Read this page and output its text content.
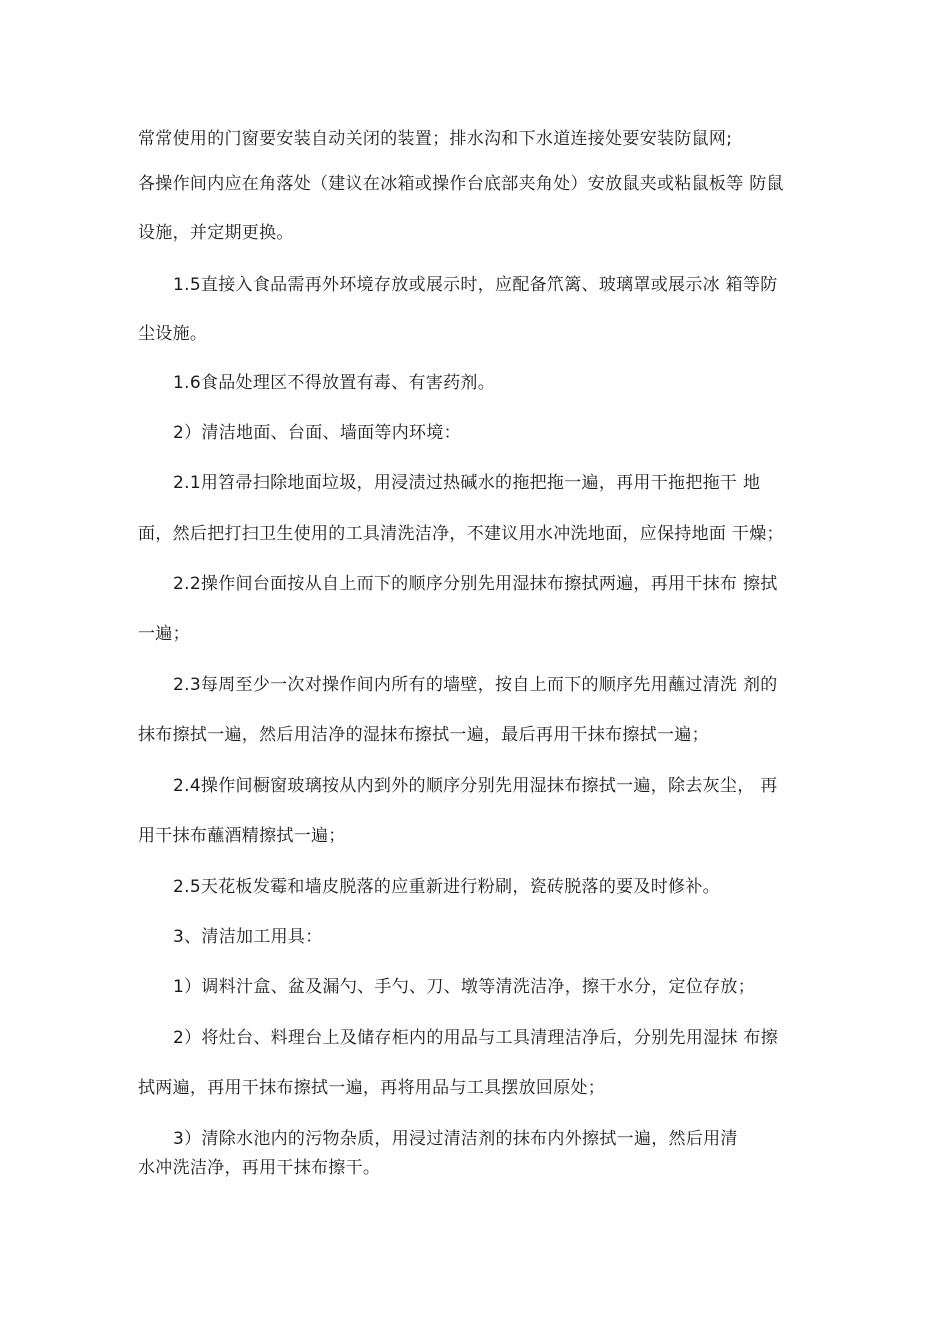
常常使用的门窗要安装自动关闭的装置；排水沟和下水道连接处要安装防鼠网;
各操作间内应在角落处（建议在冰箱或操作台底部夹角处）安放鼠夹或粘鼠板等 防鼠
设施，并定期更换。
1.5直接入食品需再外环境存放或展示时，应配备笊篱、玻璃罩或展示冰 箱等防
尘设施。
1.6食品处理区不得放置有毒、有害药剂。
2）清洁地面、台面、墙面等内环境：
2.1用笤帚扫除地面垃圾，用浸渍过热碱水的拖把拖一遍，再用干拖把拖干 地
面，然后把打扫卫生使用的工具清洗洁净，不建议用水冲洗地面，应保持地面 干燥；
2.2操作间台面按从自上而下的顺序分别先用湿抹布擦拭两遍，再用干抹布 擦拭
一遍；
2.3每周至少一次对操作间内所有的墙壁，按自上而下的顺序先用蘸过清洗 剂的
抹布擦拭一遍，然后用洁净的湿抹布擦拭一遍，最后再用干抹布擦拭一遍；
2.4操作间橱窗玻璃按从内到外的顺序分别先用湿抹布擦拭一遍，除去灰尘， 再
用干抹布蘸酒精擦拭一遍；
2.5天花板发霉和墙皮脱落的应重新进行粉刷，瓷砖脱落的要及时修补。
3、清洁加工用具：
1）调料汁盒、盆及漏勺、手勺、刀、墩等清洗洁净，擦干水分，定位存放；
2）将灶台、料理台上及储存柜内的用品与工具清理洁净后，分别先用湿抹 布擦
拭两遍，再用干抹布擦拭一遍，再将用品与工具摆放回原处；
3）清除水池内的污物杂质，用浸过清洁剂的抹布内外擦拭一遍，然后用清
水冲洗洁净，再用干抹布擦干。
